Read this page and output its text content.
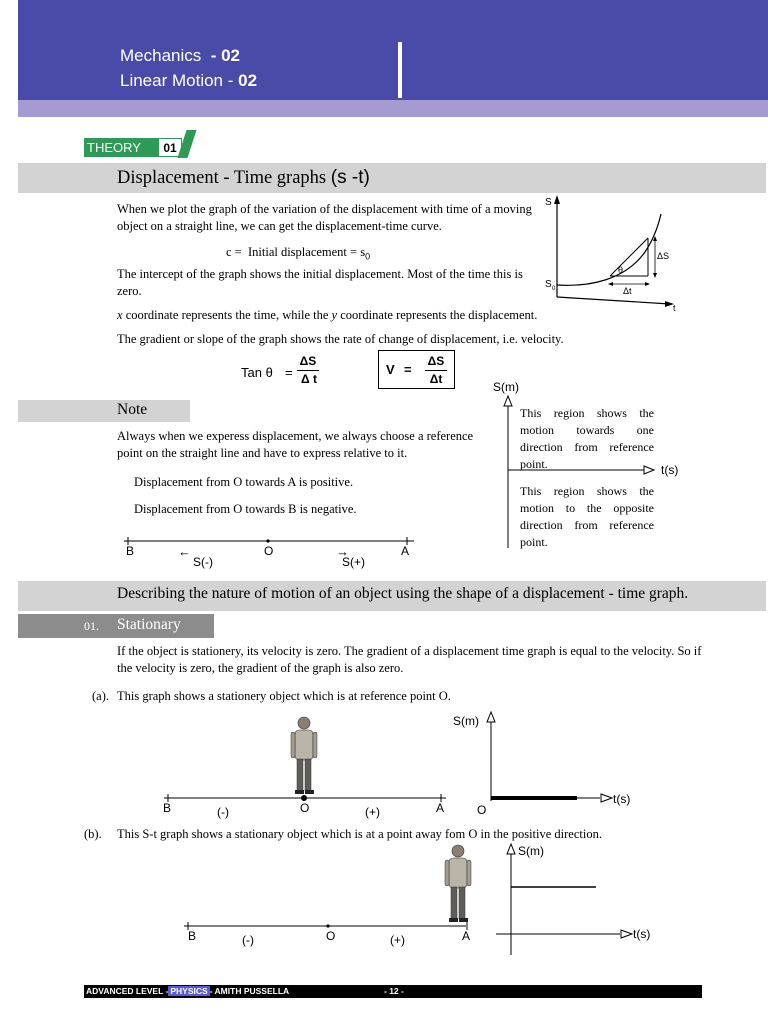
Mechanics - 02
Linear Motion - 02
THEORY	01
Displacement - Time graphs (s -t)
When we plot the graph of the variation of the displacement with time of a moving object on a straight line, we can get the displacement-time curve.
c = Initial displacement = $s_0$
The intercept of the graph shows the initial displacement. Most of the time this is zero.
x coordinate represents the time, while the y coordinate represents the displacement.
The gradient or slope of the graph shows the rate of change of displacement, i.e. velocity.
Tan θ =
ΔS
Δ t
V =
ΔS
Δt
S
t
S 0
θ
ΔS
Δt
Note
Always when we experess displacement, we always choose a reference point on the straight line and have to express relative to it.
Displacement from O towards A is positive.
Displacement from O towards B is negative.
B	O	A
←	→
S(-)	S(+)
S(m)
t(s)
This region shows the motion towards one direction from reference point.
This region shows the motion to the opposite direction from reference point.
Describing the nature of motion of an object using the shape of a displacement - time graph.
01. Stationary
If the object is stationery, its velocity is zero. The gradient of a displacement time graph is equal to the velocity. So if the velocity is zero, the gradient of the graph is also zero.
(a). This graph shows a stationery object which is at reference point O.
B	O	A
(-)	(+)
S(m)
t(s)
O
(b). This S-t graph shows a stationary object which is at a point away fom O in the positive direction.
B	O	A
(-)	(+)
S(m)
t(s)
ADVANCED LEVEL - PHYSICS - AMITH PUSSELLA	- 12 -
